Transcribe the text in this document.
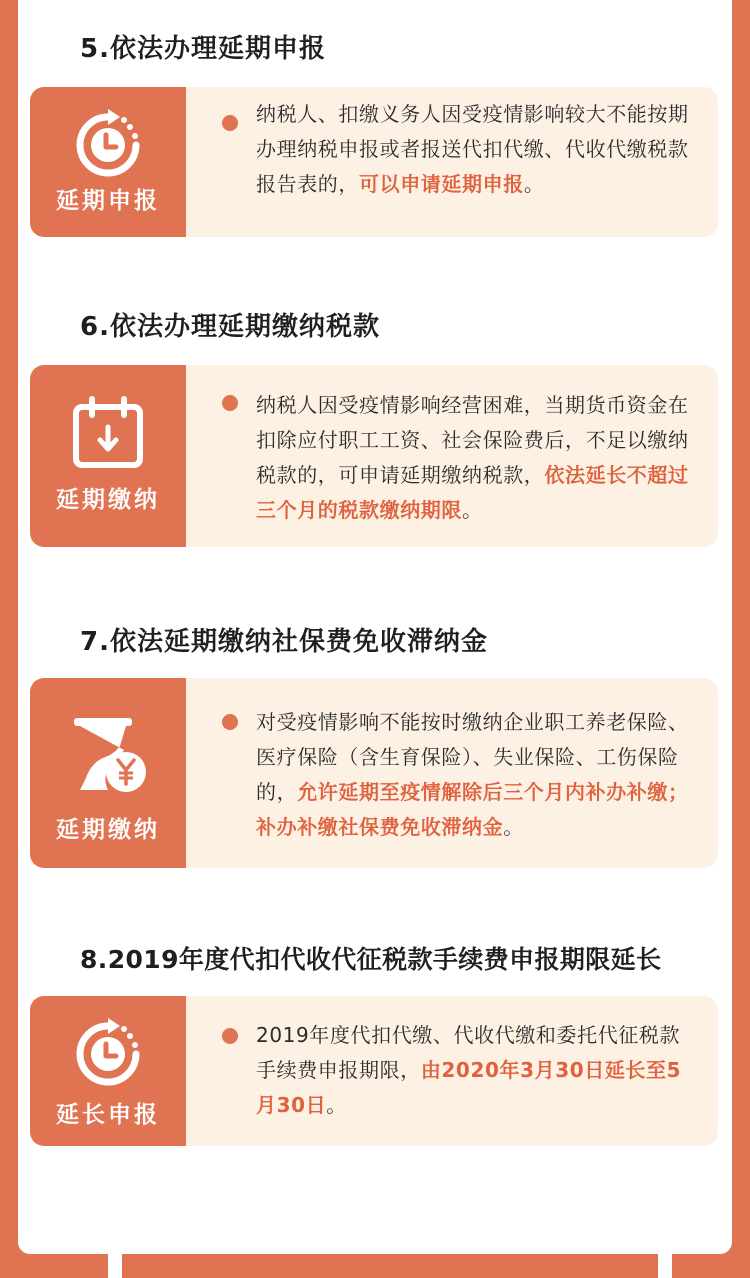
5.依法办理延期申报
延期申报

纳税人、扣缴义务人因受疫情影响较大不能按期办理纳税申报或者报送代扣代缴、代收代缴税款报告表的，可以申请延期申报。

6.依法办理延期缴纳税款
延期缴纳

纳税人因受疫情影响经营困难，当期货币资金在扣除应付职工工资、社会保险费后，不足以缴纳税款的，可申请延期缴纳税款，依法延长不超过三个月的税款缴纳期限。

7.依法延期缴纳社保费免收滞纳金
延期缴纳

对受疫情影响不能按时缴纳企业职工养老保险、医疗保险（含生育保险）、失业保险、工伤保险的，允许延期至疫情解除后三个月内补办补缴；补办补缴社保费免收滞纳金。

8.2019年度代扣代收代征税款手续费申报期限延长
延长申报

2019年度代扣代缴、代收代缴和委托代征税款手续费申报期限，由2020年3月30日延长至5月30日。
